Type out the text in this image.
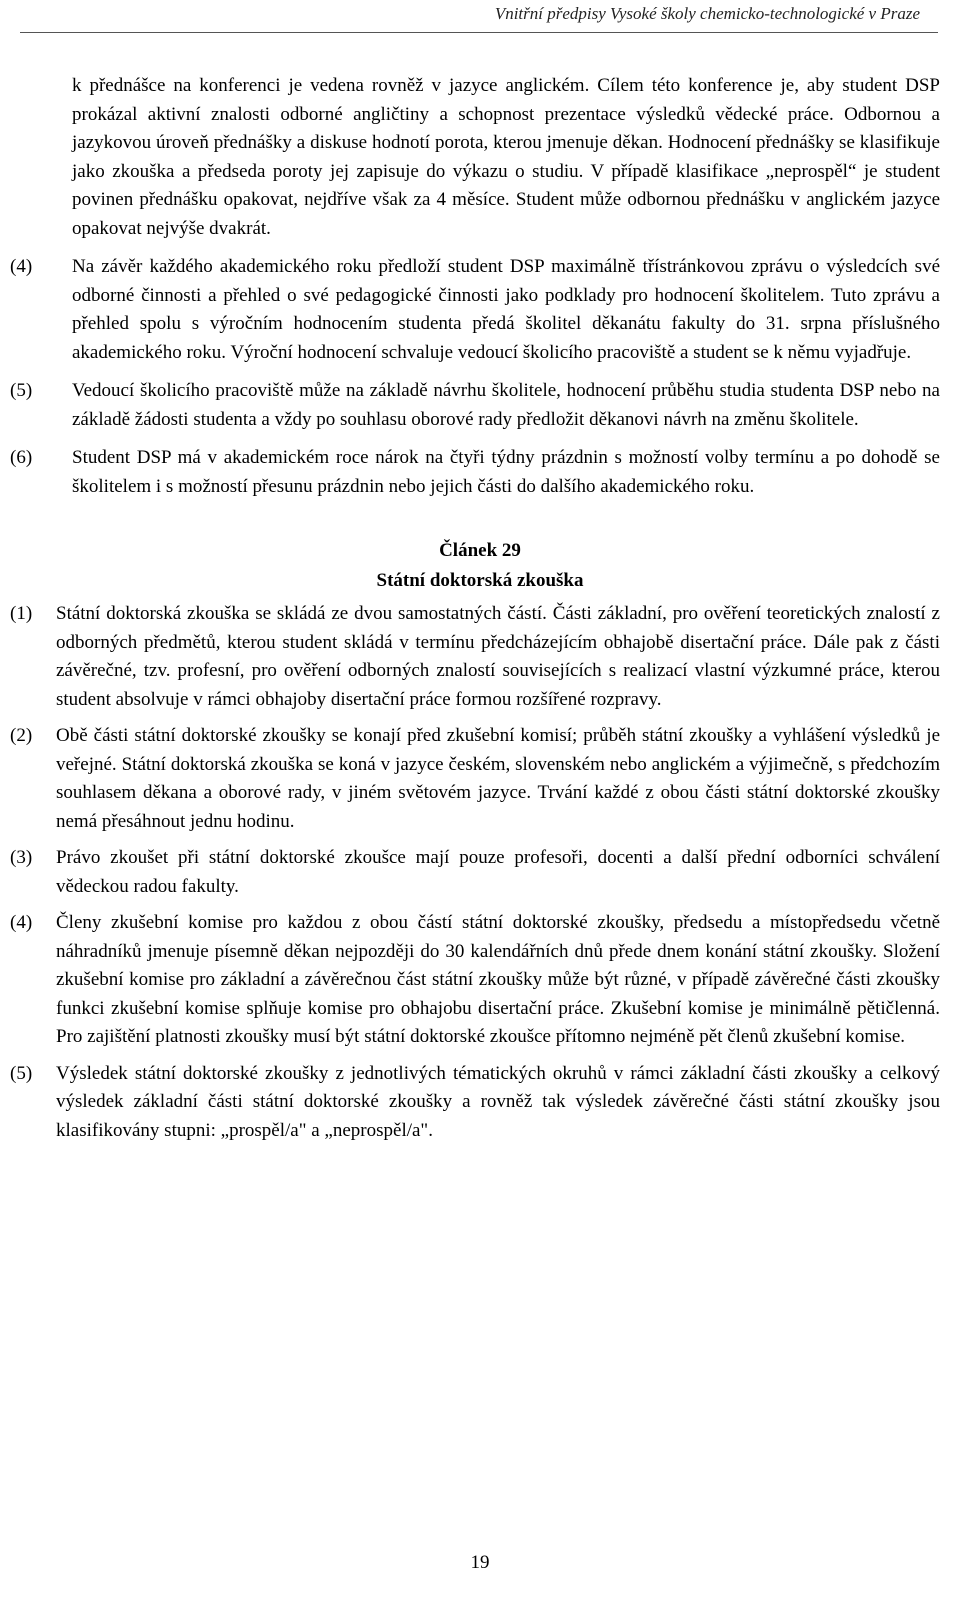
Vnitřní předpisy Vysoké školy chemicko-technologické v Praze
k přednášce na konferenci je vedena rovněž v jazyce anglickém. Cílem této konference je, aby student DSP prokázal aktivní znalosti odborné angličtiny a schopnost prezentace výsledků vědecké práce. Odbornou a jazykovou úroveň přednášky a diskuse hodnotí porota, kterou jmenuje děkan. Hodnocení přednášky se klasifikuje jako zkouška a předseda poroty jej zapisuje do výkazu o studiu. V případě klasifikace „neprospěl“ je student povinen přednášku opakovat, nejdříve však za 4 měsíce. Student může odbornou přednášku v anglickém jazyce opakovat nejvýše dvakrát.
(4) Na závěr každého akademického roku předloží student DSP maximálně třístránkovou zprávu o výsledcích své odborné činnosti a přehled o své pedagogické činnosti jako podklady pro hodnocení školitelem. Tuto zprávu a přehled spolu s výročním hodnocením studenta předá školitel děkanátu fakulty do 31. srpna příslušného akademického roku. Výroční hodnocení schvaluje vedoucí školicího pracoviště a student se k němu vyjadřuje.
(5) Vedoucí školicího pracoviště může na základě návrhu školitele, hodnocení průběhu studia studenta DSP nebo na základě žádosti studenta a vždy po souhlasu oborové rady předložit děkanovi návrh na změnu školitele.
(6) Student DSP má v akademickém roce nárok na čtyři týdny prázdnin s možností volby termínu a po dohodě se školitelem i s možností přesunu prázdnin nebo jejich části do dalšího akademického roku.
Článek 29
Státní doktorská zkouška
(1) Státní doktorská zkouška se skládá ze dvou samostatných částí. Části základní, pro ověření teoretických znalostí z odborných předmětů, kterou student skládá v termínu předcházejícím obhajobě disertační práce. Dále pak z části závěrečné, tzv. profesní, pro ověření odborných znalostí souvisejících s realizací vlastní výzkumné práce, kterou student absolvuje v rámci obhajoby disertační práce formou rozšířené rozpravy.
(2) Obě části státní doktorské zkoušky se konají před zkušební komisí; průběh státní zkoušky a vyhlášení výsledků je veřejné. Státní doktorská zkouška se koná v jazyce českém, slovenském nebo anglickém a výjimečně, s předchozím souhlasem děkana a oborové rady, v jiném světovém jazyce. Trvání každé z obou části státní doktorské zkoušky nemá přesáhnout jednu hodinu.
(3) Právo zkoušet při státní doktorské zkoušce mají pouze profesoři, docenti a další přední odborníci schválení vědeckou radou fakulty.
(4) Členy zkušební komise pro každou z obou částí státní doktorské zkoušky, předsedu a místopředsedu včetně náhradníků jmenuje písemně děkan nejpozději do 30 kalendářních dnů přede dnem konání státní zkoušky. Složení zkušební komise pro základní a závěrečnou část státní zkoušky může být různé, v případě závěrečné části zkoušky funkci zkušební komise splňuje komise pro obhajobu disertační práce. Zkušební komise je minimálně pětičlenná. Pro zajištění platnosti zkoušky musí být státní doktorské zkoušce přítomno nejméně pět členů zkušební komise.
(5) Výsledek státní doktorské zkoušky z jednotlivých tématických okruhů v rámci základní části zkoušky a celkový výsledek základní části státní doktorské zkoušky a rovněž tak výsledek závěrečné části státní zkoušky jsou klasifikovány stupni: „prospěl/a" a „neprospěl/a".
19
